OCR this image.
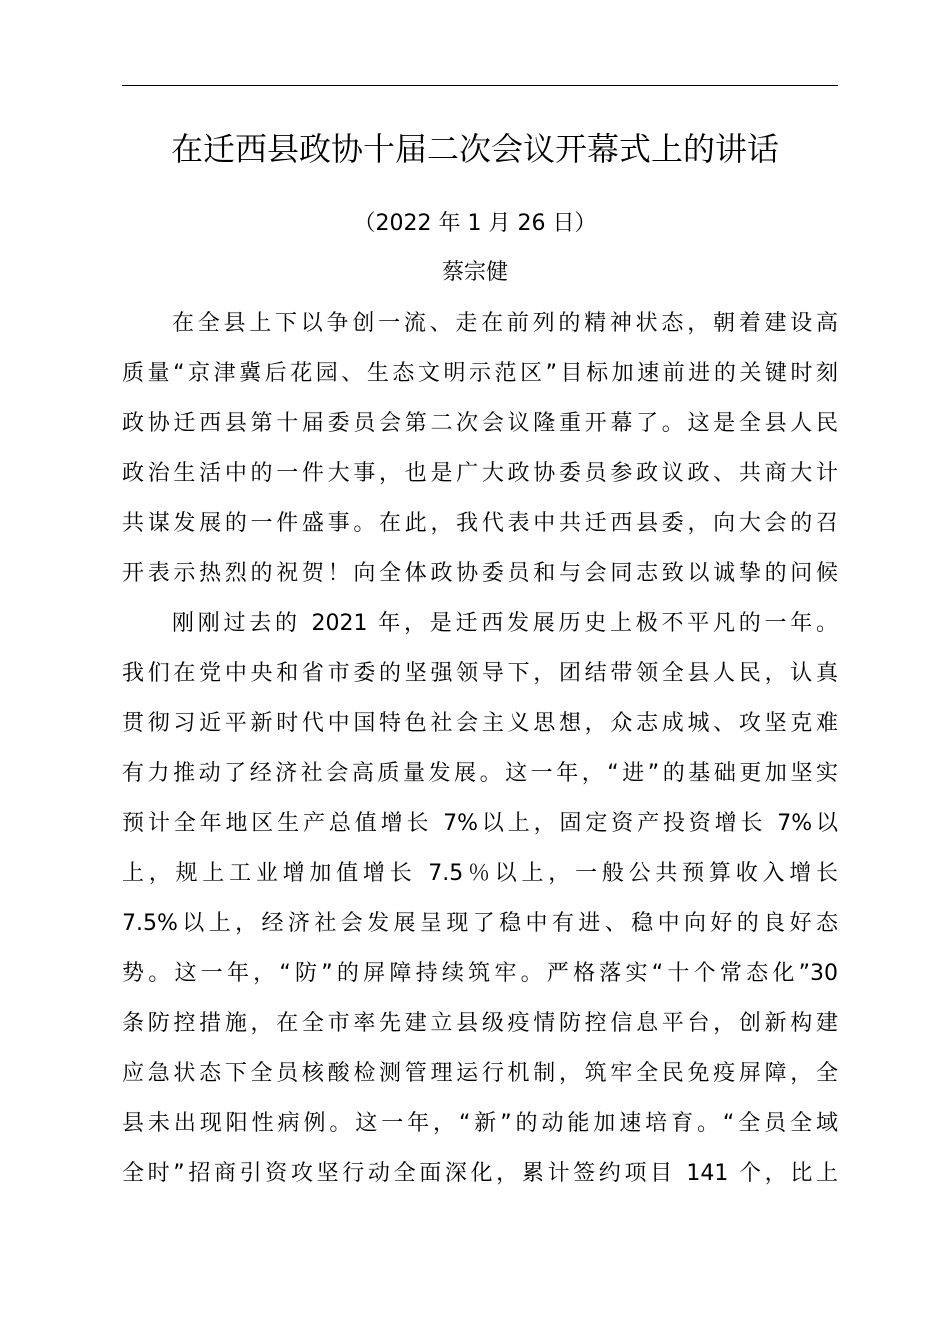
在迁西县政协十届二次会议开幕式上的讲话
（2022 年 1 月 26 日）
蔡宗健
在全县上下以争创一流、走在前列的精神状态，朝着建设高
质量“京津冀后花园、生态文明示范区”目标加速前进的关键时刻
政协迁西县第十届委员会第二次会议隆重开幕了。这是全县人民
政治生活中的一件大事，也是广大政协委员参政议政、共商大计
共谋发展的一件盛事。在此，我代表中共迁西县委，向大会的召
开表示热烈的祝贺！向全体政协委员和与会同志致以诚挚的问候
刚刚过去的 2021 年，是迁西发展历史上极不平凡的一年。
我们在党中央和省市委的坚强领导下，团结带领全县人民，认真
贯彻习近平新时代中国特色社会主义思想，众志成城、攻坚克难
有力推动了经济社会高质量发展。这一年，“进”的基础更加坚实
预计全年地区生产总值增长 7%以上，固定资产投资增长 7%以
上，规上工业增加值增长 7.5％以上，一般公共预算收入增长
7.5%以上，经济社会发展呈现了稳中有进、稳中向好的良好态
势。这一年，“防”的屏障持续筑牢。严格落实“十个常态化”30
条防控措施，在全市率先建立县级疫情防控信息平台，创新构建
应急状态下全员核酸检测管理运行机制，筑牢全民免疫屏障，全
县未出现阳性病例。这一年，“新”的动能加速培育。“全员全域
全时”招商引资攻坚行动全面深化，累计签约项目 141 个，比上
